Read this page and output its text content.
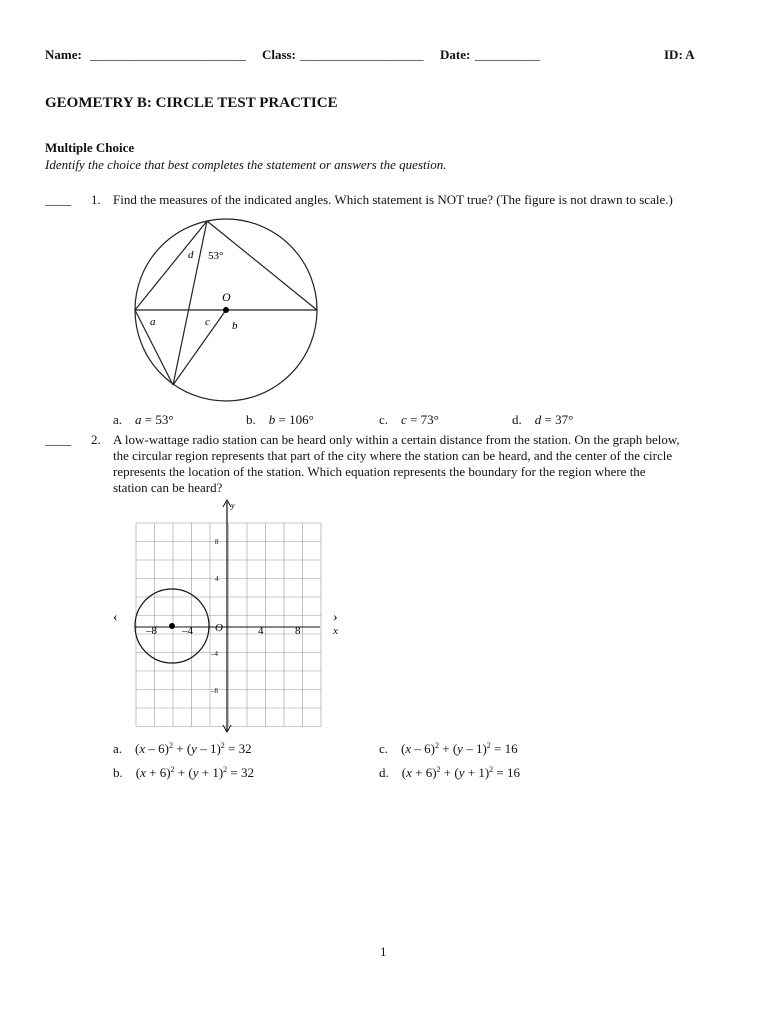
Name: ________________________ Class: ___________________ Date: __________	ID: A
GEOMETRY B: CIRCLE TEST PRACTICE
Multiple Choice
Identify the choice that best completes the statement or answers the question.
____ 1. Find the measures of the indicated angles. Which statement is NOT true? (The figure is not drawn to scale.)
d 53°
O
a	c b
a. a = 53°	b. b = 106°	c. c = 73°	d. d = 37°
____ 2. A low-wattage radio station can be heard only within a certain distance from the station. On the graph below,
the circular region represents that part of the city where the station can be heard, and the center of the circle
represents the location of the station. Which equation represents the boundary for the region where the
station can be heard?
y
x
O
8
4
–4
–8
–8 –4	4	8
‹	›
a. (x – 6)$^2$ + (y – 1)$^2$ = 32
b. $(x + 6)^2 + (y + 1)^2 = 32$
c. (x – 6)$^2$ + (y – 1)$^2$ = 16
d. $(x + 6)^2 + (y + 1)^2 = 16$
1
